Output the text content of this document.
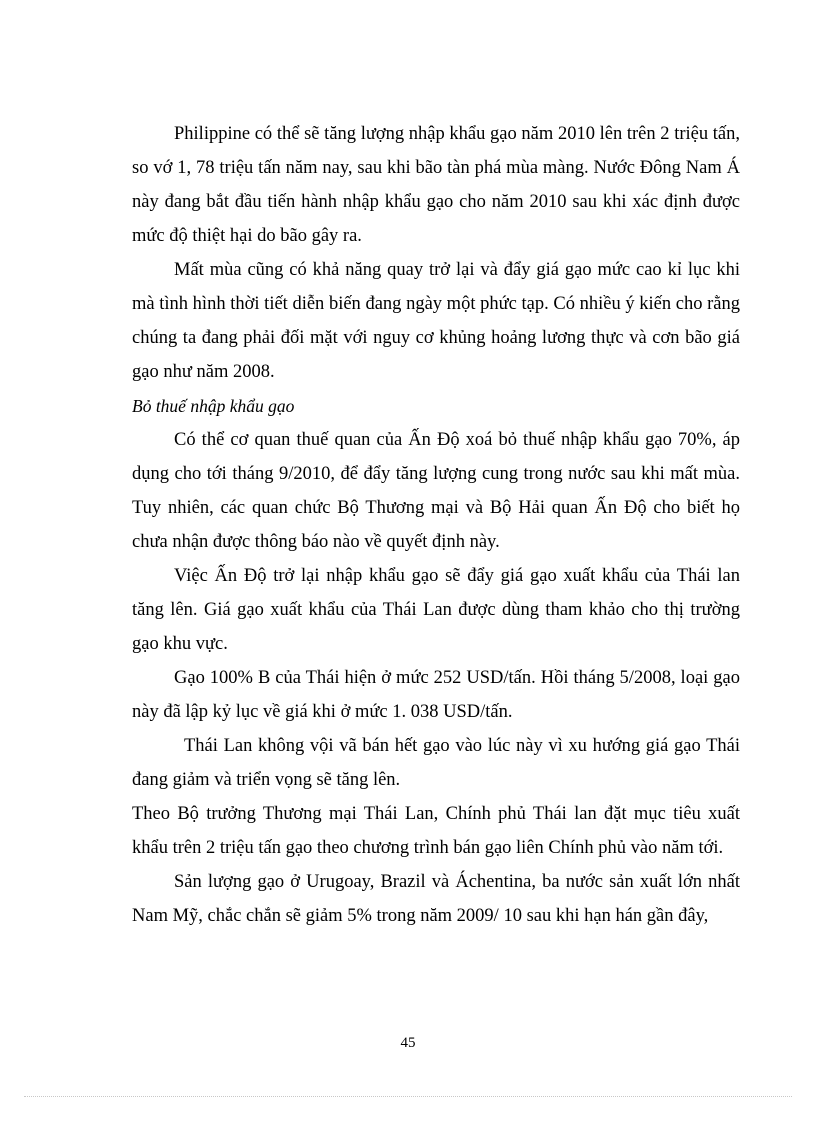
Philippine có thể sẽ tăng lượng nhập khẩu gạo năm 2010 lên trên 2 triệu tấn, so vớ 1, 78 triệu tấn năm nay, sau khi bão tàn phá mùa màng. Nước Đông Nam Á này đang bắt đầu tiến hành nhập khẩu gạo cho năm 2010 sau khi xác định được mức độ thiệt hại do bão gây ra.

Mất mùa cũng có khả năng quay trở lại và đẩy giá gạo mức cao kỉ lục khi mà tình hình thời tiết diễn biến đang ngày một phức tạp. Có nhiều ý kiến cho rằng chúng ta đang phải đối mặt với nguy cơ khủng hoảng lương thực và cơn bão giá gạo như năm 2008.

Bỏ thuế nhập khẩu gạo

Có thể cơ quan thuế quan của Ấn Độ xoá bỏ thuế nhập khẩu gạo 70%, áp dụng cho tới tháng 9/2010, để đẩy tăng lượng cung trong nước sau khi mất mùa. Tuy nhiên, các quan chức Bộ Thương mại và Bộ Hải quan Ấn Độ cho biết họ chưa nhận được thông báo nào về quyết định này.

Việc Ấn Độ trở lại nhập khẩu gạo sẽ đẩy giá gạo xuất khẩu của Thái lan tăng lên. Giá gạo xuất khẩu của Thái Lan được dùng tham khảo cho thị trường gạo khu vực.

Gạo 100% B của Thái hiện ở mức 252 USD/tấn. Hồi tháng 5/2008, loại gạo này đã lập kỷ lục về giá khi ở mức 1. 038 USD/tấn.

Thái Lan không vội vã bán hết gạo vào lúc này vì xu hướng giá gạo Thái đang giảm và triển vọng sẽ tăng lên.

Theo Bộ trưởng Thương mại Thái Lan, Chính phủ Thái lan đặt mục tiêu xuất khẩu trên 2 triệu tấn gạo theo chương trình bán gạo liên Chính phủ vào năm tới.

Sản lượng gạo ở Urugoay, Brazil và Áchentina, ba nước sản xuất lớn nhất Nam Mỹ, chắc chắn sẽ giảm 5% trong năm 2009/ 10 sau khi hạn hán gần đây,

45
